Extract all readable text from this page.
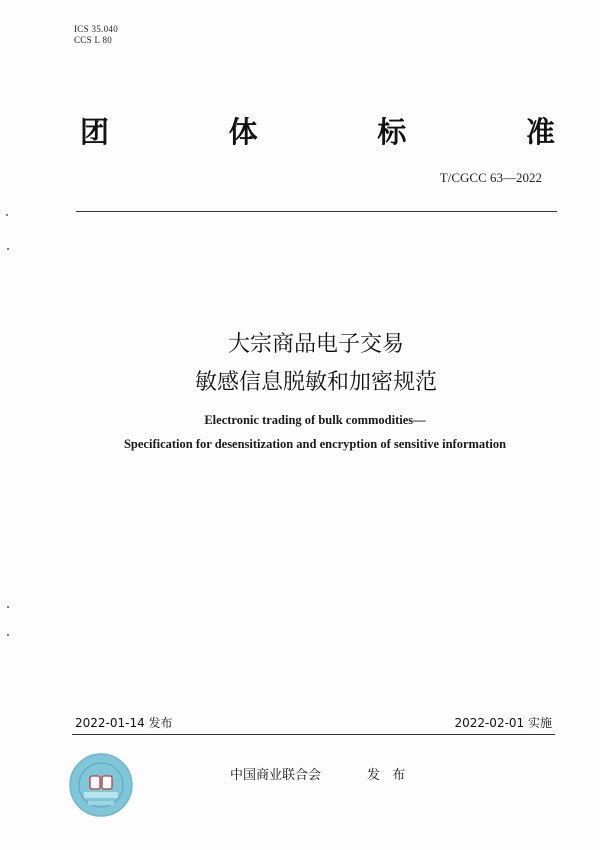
ICS 35.040
CCS L 80
团	体	标	准
T/CGCC 63—2022
大宗商品电子交易
敏感信息脱敏和加密规范
Electronic trading of bulk commodities—
Specification for desensitization and encryption of sensitive information
2022-01-14 发布	2022-02-01 实施
中国商业联合会	发 布
